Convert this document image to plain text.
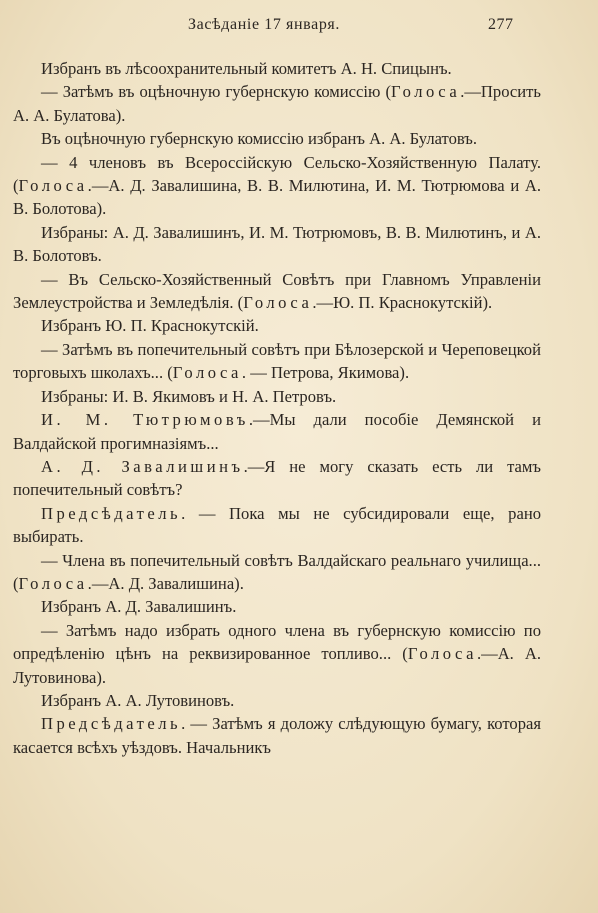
Засѣданіе 17 января.	277

Избранъ въ лѣсоохранительный комитетъ А. Н. Спицынъ.

— Затѣмъ въ оцѣночную губернскую комиссію (Голоса.—Просить А. А. Булатова).

Въ оцѣночную губернскую комиссію избранъ А. А. Булатовъ.

— 4 членовъ въ Всероссійскую Сельско-Хозяйственную Палату. (Голоса.—А. Д. Завалишина, В. В. Милютина, И. М. Тютрюмова и А. В. Болотова).

Избраны: А. Д. Завалишинъ, И. М. Тютрюмовъ, В. В. Милютинъ, и А. В. Болотовъ.

— Въ Сельско-Хозяйственный Совѣтъ при Главномъ Управленіи Землеустройства и Земледѣлія. (Голоса.—Ю. П. Краснокутскій).

Избранъ Ю. П. Краснокутскій.

— Затѣмъ въ попечительный совѣтъ при Бѣлозерской и Череповецкой торговыхъ школахъ... (Голоса. — Петрова, Якимова).

Избраны: И. В. Якимовъ и Н. А. Петровъ.

И. М. Тютрюмовъ.—Мы дали пособіе Демянской и Валдайской прогимназіямъ...

А. Д. Завалишинъ.—Я не могу сказать есть ли тамъ попечительный совѣтъ?

Предсѣдатель. — Пока мы не субсидировали еще, рано выбирать.

— Члена въ попечительный совѣтъ Валдайскаго реальнаго училища... (Голоса.—А. Д. Завалишина).

Избранъ А. Д. Завалишинъ.

— Затѣмъ надо избрать одного члена въ губернскую комиссію по опредѣленію цѣнъ на реквизированное топливо... (Голоса.—А. А. Лутовинова).

Избранъ А. А. Лутовиновъ.

Предсѣдатель. — Затѣмъ я доложу слѣдующую бумагу, которая касается всѣхъ уѣздовъ. Начальникъ
